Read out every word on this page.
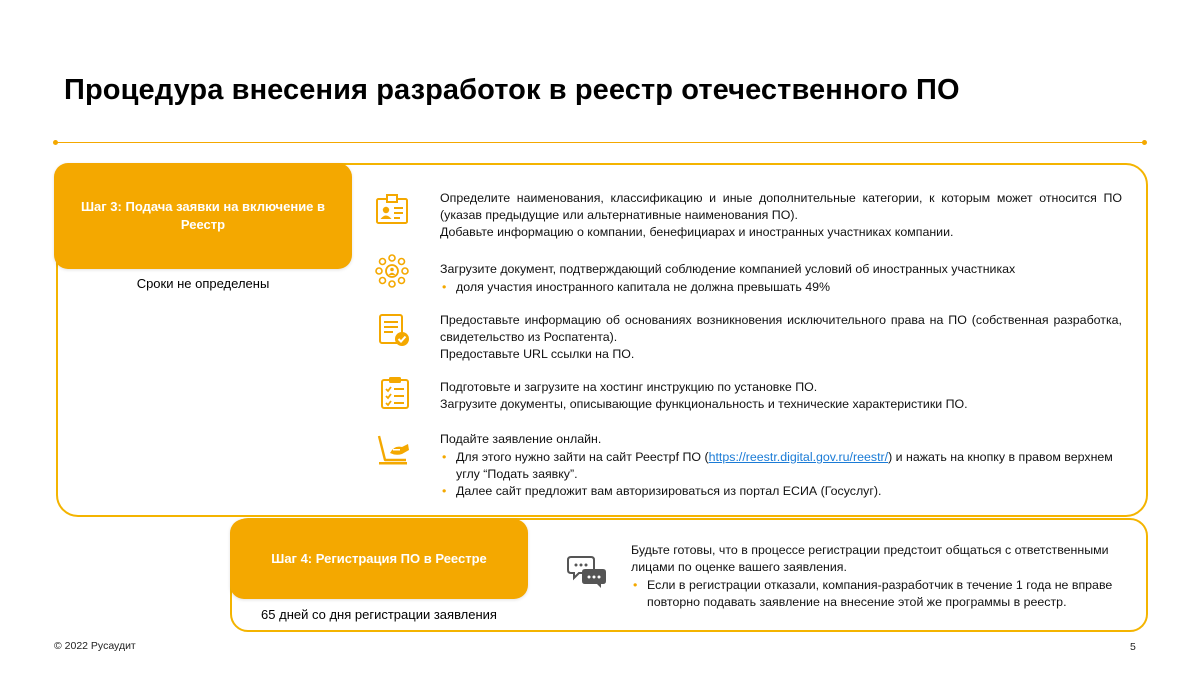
Процедура внесения разработок в реестр отечественного ПО
Шаг 3: Подача заявки на включение в Реестр
Сроки не определены

Определите наименования, классификацию и иные дополнительные категории, к которым может относится ПО (указав предыдущие или альтернативные наименования ПО).

Добавьте информацию о компании, бенефициарах и иностранных участниках компании.

Загрузите документ, подтверждающий соблюдение компанией условий об иностранных участниках

• доля участия иностранного капитала не должна превышать 49%

Предоставьте информацию об основаниях возникновения исключительного права на ПО (собственная разработка, свидетельство из Роспатента).

Предоставьте URL ссылки на ПО.

Подготовьте и загрузите на хостинг инструкцию по установке ПО.

Загрузите документы, описывающие функциональность и технические характеристики ПО.

Подайте заявление онлайн.

• Для этого нужно зайти на сайт Реестрf ПО (https://reestr.digital.gov.ru/reestr/) и нажать на кнопку в правом верхнем углу “Подать заявку”.
• Далее сайт предложит вам авторизироваться из портал ЕСИА (Госуслуг).
Шаг 4: Регистрация ПО в Реестре
65 дней со дня регистрации заявления

Будьте готовы, что в процессе регистрации предстоит общаться с ответственными лицами по оценке вашего заявления.

• Если в регистрации отказали, компания-разработчик в течение 1 года не вправе повторно подавать заявление на внесение этой же программы в реестр.
© 2022 Русаудит	5
